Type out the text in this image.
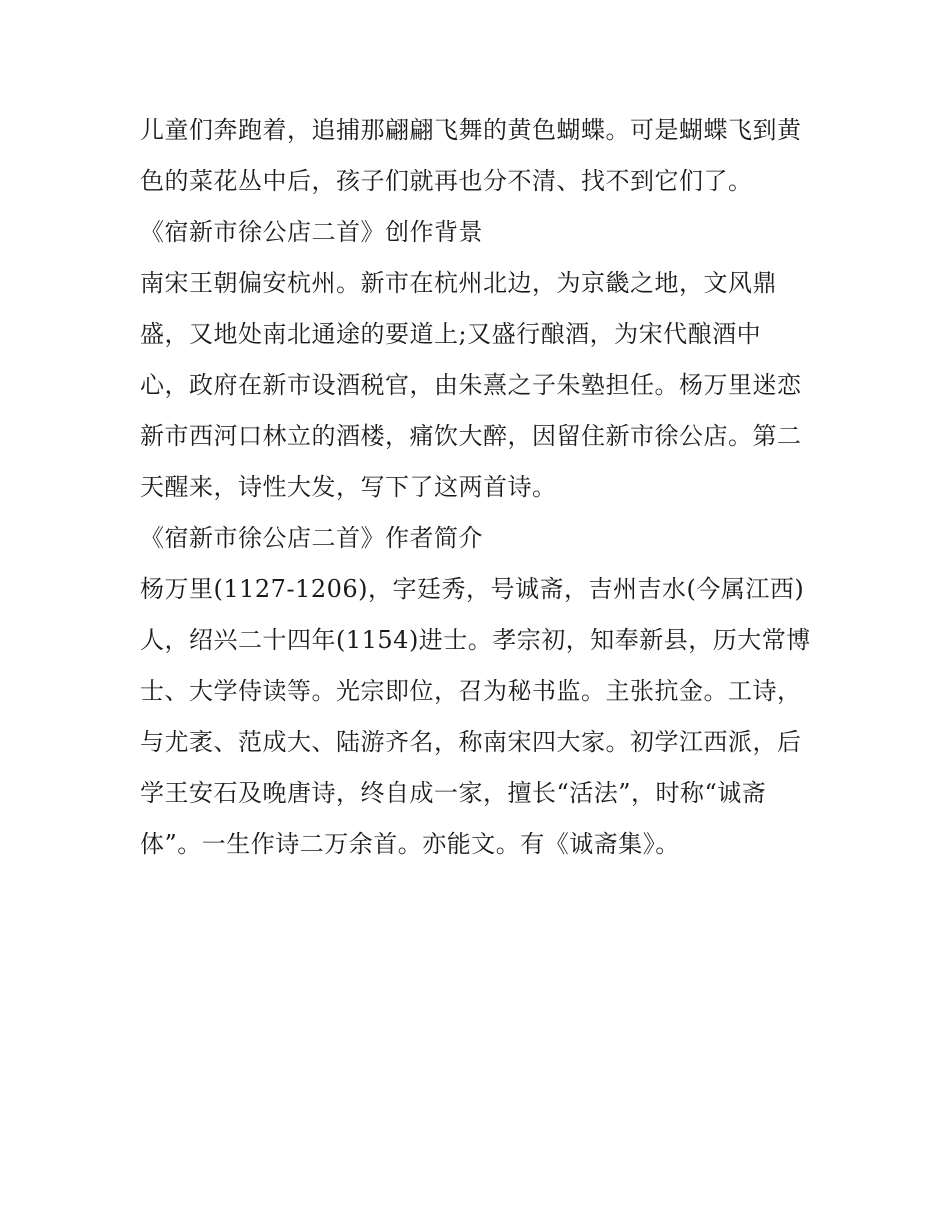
儿童们奔跑着，追捕那翩翩飞舞的黄色蝴蝶。可是蝴蝶飞到黄
色的菜花丛中后，孩子们就再也分不清、找不到它们了。
《宿新市徐公店二首》创作背景
南宋王朝偏安杭州。新市在杭州北边，为京畿之地，文风鼎
盛，又地处南北通途的要道上;又盛行酿酒，为宋代酿酒中
心，政府在新市设酒税官，由朱熹之子朱塾担任。杨万里迷恋
新市西河口林立的酒楼，痛饮大醉，因留住新市徐公店。第二
天醒来，诗性大发，写下了这两首诗。
《宿新市徐公店二首》作者简介
杨万里(1127-1206)，字廷秀，号诚斋，吉州吉水(今属江西)
人，绍兴二十四年(1154)进士。孝宗初，知奉新县，历大常博
士、大学侍读等。光宗即位，召为秘书监。主张抗金。工诗，
与尤袤、范成大、陆游齐名，称南宋四大家。初学江西派，后
学王安石及晚唐诗，终自成一家，擅长“活法”，时称“诚斋
体”。一生作诗二万余首。亦能文。有《诚斋集》。
